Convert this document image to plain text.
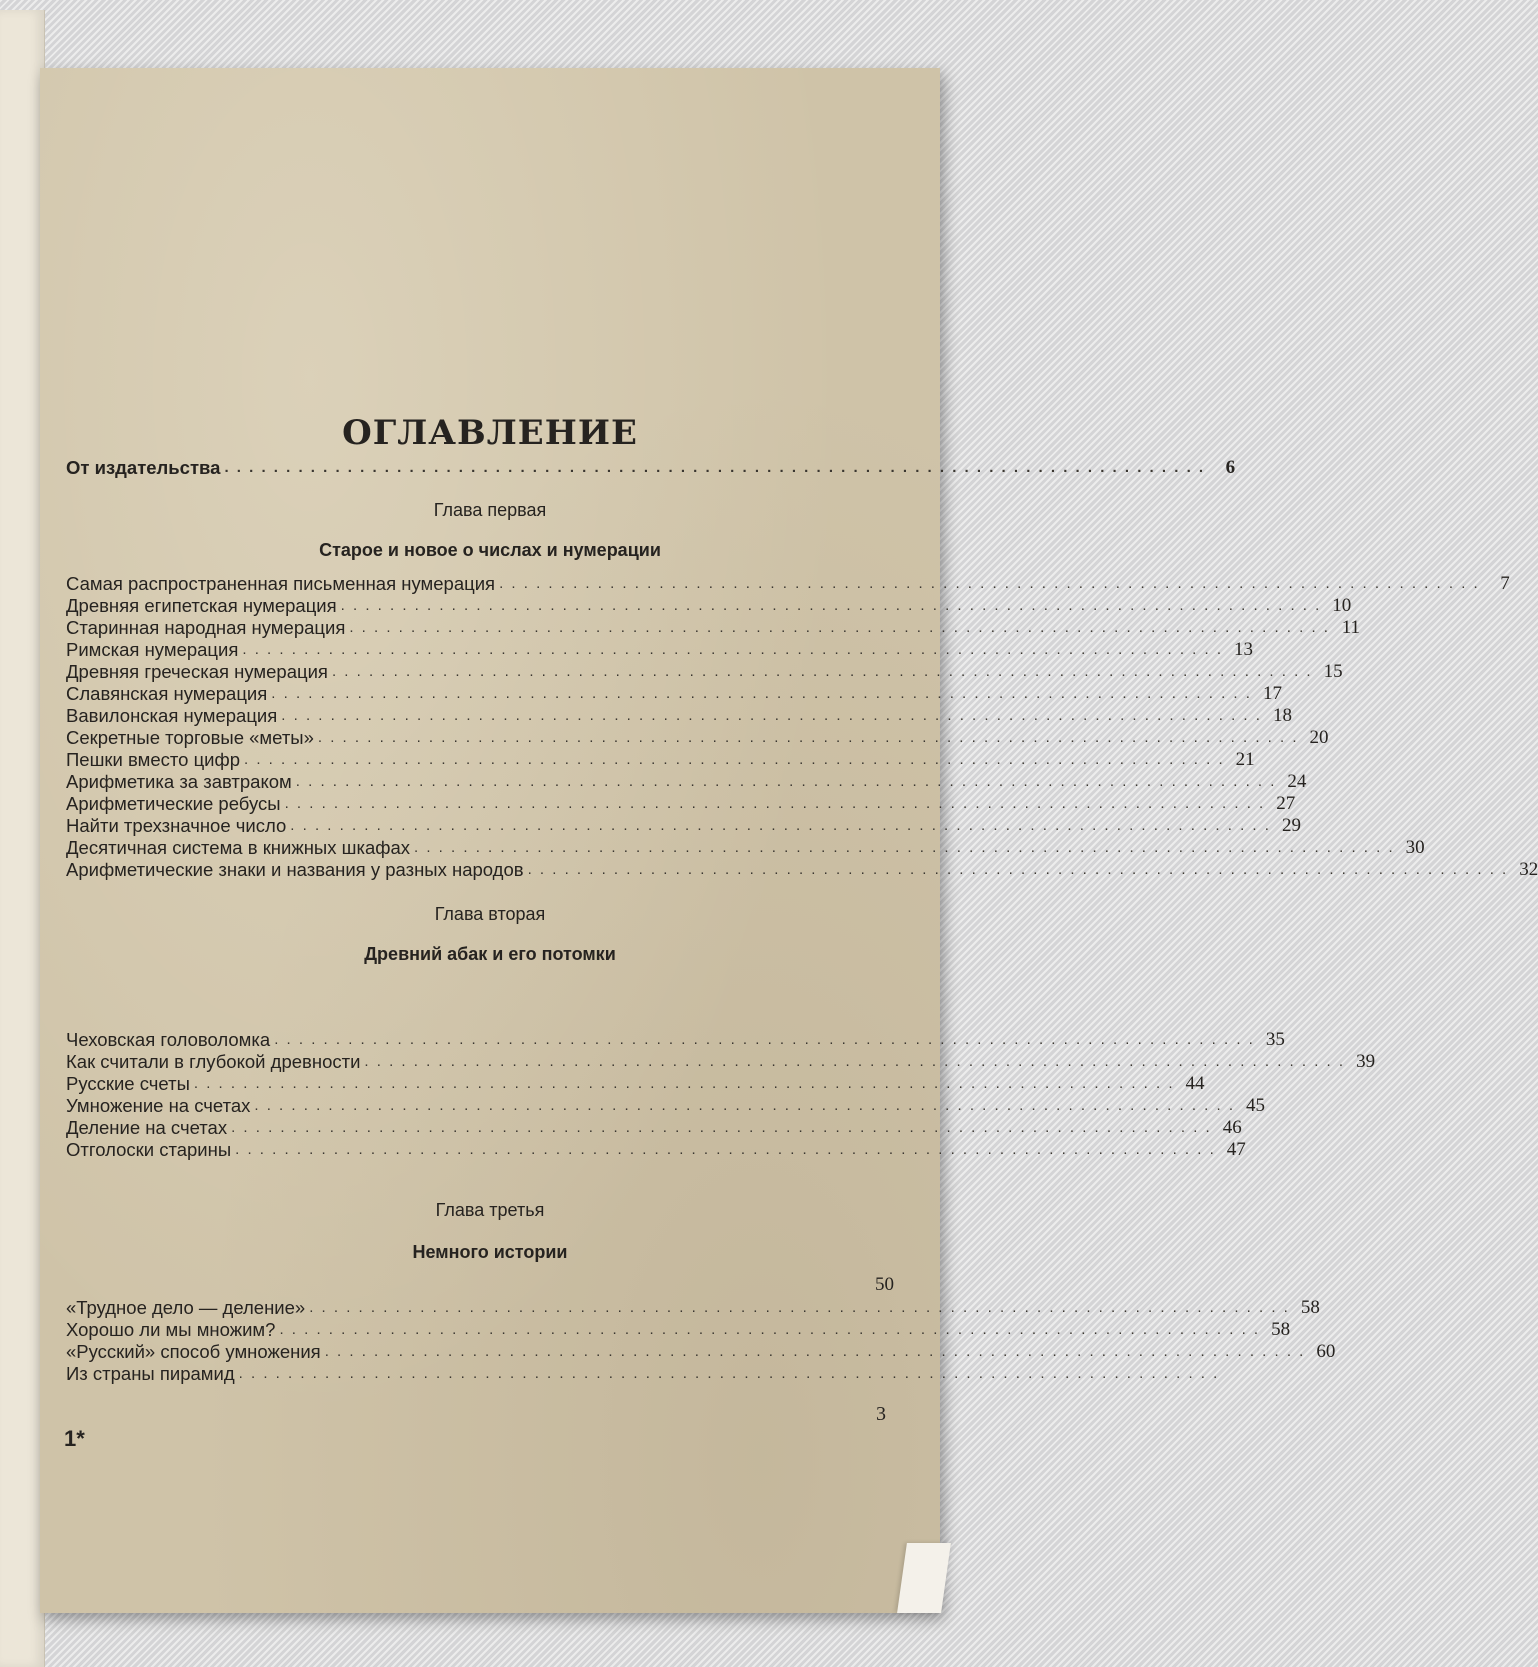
ОГЛАВЛЕНИЕ
От издательства . . . . . . . . . . . . . . . . . . . . . . . . . . . . . . . . . . . . . . . . . . . . . . . . . . . . . . . . . . . . . . . . . . . . . . . . . . . . . . . .	6
Глава первая
Старое и новое о числах и нумерации
Самая распространенная письменная нумерация . . . . . . . . . . . . . . . . . . . . . . . . . . . . . . . . . . . . . . . . . . . . . . . . . . . . . . . . . . . . . . . . . . . . . . . . . . . . . . . .	7
Древняя египетская нумерация . . . . . . . . . . . . . . . . . . . . . . . . . . . . . . . . . . . . . . . . . . . . . . . . . . . . . . . . . . . . . . . . . . . . . . . . . . . . . . . . 10
Старинная народная нумерация . . . . . . . . . . . . . . . . . . . . . . . . . . . . . . . . . . . . . . . . . . . . . . . . . . . . . . . . . . . . . . . . . . . . . . . . . . . . . . . . 11
Римская нумерация . . . . . . . . . . . . . . . . . . . . . . . . . . . . . . . . . . . . . . . . . . . . . . . . . . . . . . . . . . . . . . . . . . . . . . . . . . . . . . . . 13
Древняя греческая нумерация . . . . . . . . . . . . . . . . . . . . . . . . . . . . . . . . . . . . . . . . . . . . . . . . . . . . . . . . . . . . . . . . . . . . . . . . . . . . . . . . 15
Славянская нумерация . . . . . . . . . . . . . . . . . . . . . . . . . . . . . . . . . . . . . . . . . . . . . . . . . . . . . . . . . . . . . . . . . . . . . . . . . . . . . . . . 17
Вавилонская нумерация . . . . . . . . . . . . . . . . . . . . . . . . . . . . . . . . . . . . . . . . . . . . . . . . . . . . . . . . . . . . . . . . . . . . . . . . . . . . . . . . 18
Секретные торговые «меты» . . . . . . . . . . . . . . . . . . . . . . . . . . . . . . . . . . . . . . . . . . . . . . . . . . . . . . . . . . . . . . . . . . . . . . . . . . . . . . . . 20
Пешки вместо цифр . . . . . . . . . . . . . . . . . . . . . . . . . . . . . . . . . . . . . . . . . . . . . . . . . . . . . . . . . . . . . . . . . . . . . . . . . . . . . . . . 21
Арифметика за завтраком . . . . . . . . . . . . . . . . . . . . . . . . . . . . . . . . . . . . . . . . . . . . . . . . . . . . . . . . . . . . . . . . . . . . . . . . . . . . . . . . 24
Арифметические ребусы . . . . . . . . . . . . . . . . . . . . . . . . . . . . . . . . . . . . . . . . . . . . . . . . . . . . . . . . . . . . . . . . . . . . . . . . . . . . . . . . 27
Найти трехзначное число . . . . . . . . . . . . . . . . . . . . . . . . . . . . . . . . . . . . . . . . . . . . . . . . . . . . . . . . . . . . . . . . . . . . . . . . . . . . . . . . 29
Десятичная система в книжных шкафах . . . . . . . . . . . . . . . . . . . . . . . . . . . . . . . . . . . . . . . . . . . . . . . . . . . . . . . . . . . . . . . . . . . . . . . . . . . . . . . . 30
Арифметические знаки и названия у разных народов . . . . . . . . . . . . . . . . . . . . . . . . . . . . . . . . . . . . . . . . . . . . . . . . . . . . . . . . . . . . . . . . . . . . . . . . . . . . . . . . 32
Глава вторая
Древний абак и его потомки
Чеховская головоломка . . . . . . . . . . . . . . . . . . . . . . . . . . . . . . . . . . . . . . . . . . . . . . . . . . . . . . . . . . . . . . . . . . . . . . . . . . . . . . . . 35
Как считали в глубокой древности . . . . . . . . . . . . . . . . . . . . . . . . . . . . . . . . . . . . . . . . . . . . . . . . . . . . . . . . . . . . . . . . . . . . . . . . . . . . . . . . 39
Русские счеты . . . . . . . . . . . . . . . . . . . . . . . . . . . . . . . . . . . . . . . . . . . . . . . . . . . . . . . . . . . . . . . . . . . . . . . . . . . . . . . . 44
Умножение на счетах . . . . . . . . . . . . . . . . . . . . . . . . . . . . . . . . . . . . . . . . . . . . . . . . . . . . . . . . . . . . . . . . . . . . . . . . . . . . . . . . 45
Деление на счетах . . . . . . . . . . . . . . . . . . . . . . . . . . . . . . . . . . . . . . . . . . . . . . . . . . . . . . . . . . . . . . . . . . . . . . . . . . . . . . . . 46
Отголоски старины . . . . . . . . . . . . . . . . . . . . . . . . . . . . . . . . . . . . . . . . . . . . . . . . . . . . . . . . . . . . . . . . . . . . . . . . . . . . . . . . 47
Глава третья
Немного истории
50
«Трудное дело — деление» . . . . . . . . . . . . . . . . . . . . . . . . . . . . . . . . . . . . . . . . . . . . . . . . . . . . . . . . . . . . . . . . . . . . . . . . . . . . . . . . 58
Хорошо ли мы множим? . . . . . . . . . . . . . . . . . . . . . . . . . . . . . . . . . . . . . . . . . . . . . . . . . . . . . . . . . . . . . . . . . . . . . . . . . . . . . . . . 58
«Русский» способ умножения . . . . . . . . . . . . . . . . . . . . . . . . . . . . . . . . . . . . . . . . . . . . . . . . . . . . . . . . . . . . . . . . . . . . . . . . . . . . . . . . 60
Из страны пирамид . . . . . . . . . . . . . . . . . . . . . . . . . . . . . . . . . . . . . . . . . . . . . . . . . . . . . . . . . . . . . . . . . . . . . . . . . . . . . . . .
3
1*
